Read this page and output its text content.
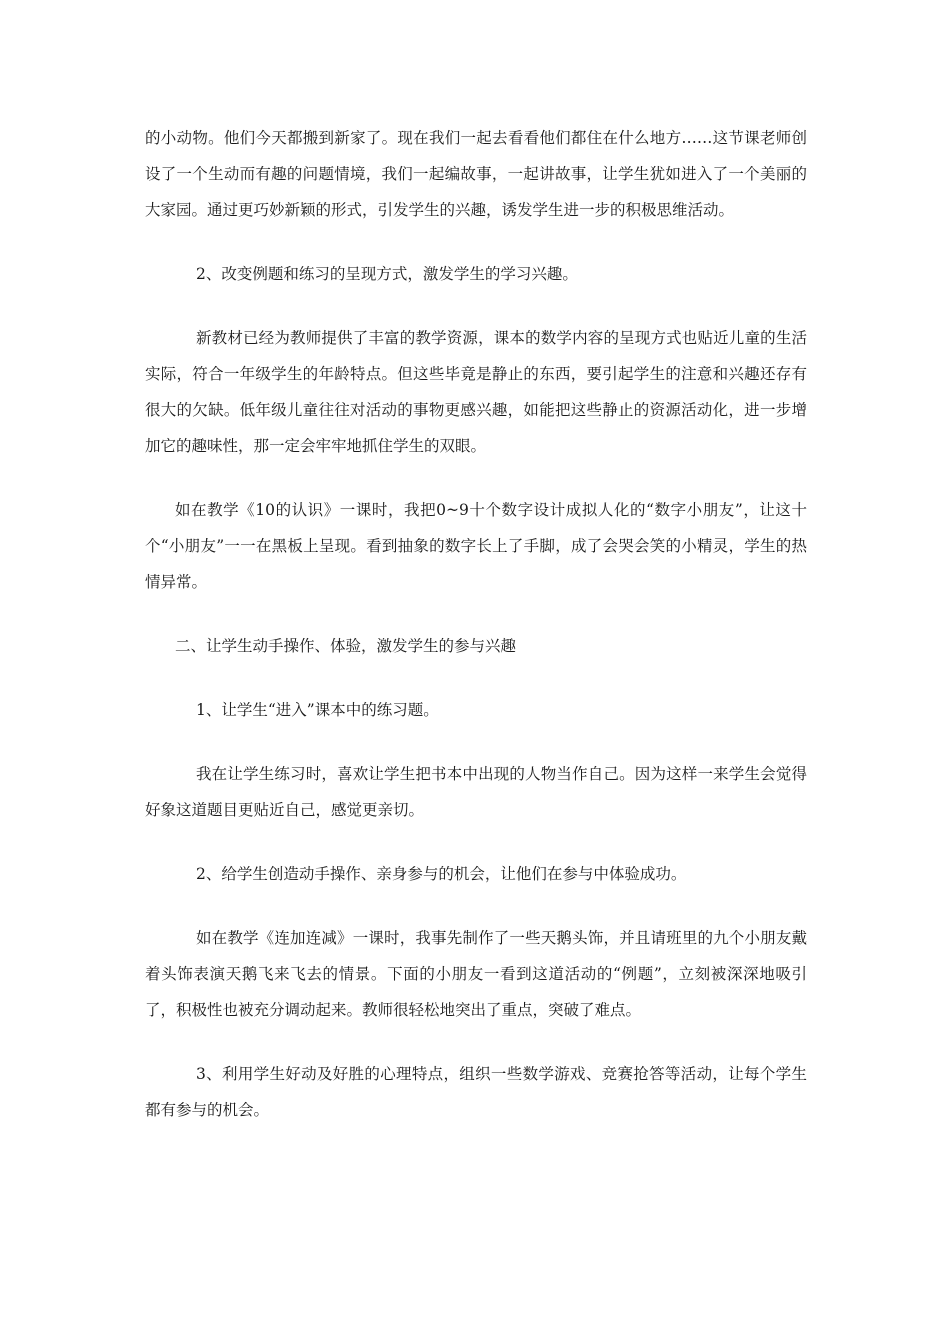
的小动物。他们今天都搬到新家了。现在我们一起去看看他们都住在什么地方……这节课老师创设了一个生动而有趣的问题情境，我们一起编故事，一起讲故事，让学生犹如进入了一个美丽的大家园。通过更巧妙新颖的形式，引发学生的兴趣，诱发学生进一步的积极思维活动。

2、改变例题和练习的呈现方式，激发学生的学习兴趣。

新教材已经为教师提供了丰富的教学资源，课本的数学内容的呈现方式也贴近儿童的生活实际，符合一年级学生的年龄特点。但这些毕竟是静止的东西，要引起学生的注意和兴趣还存有很大的欠缺。低年级儿童往往对活动的事物更感兴趣，如能把这些静止的资源活动化，进一步增加它的趣味性，那一定会牢牢地抓住学生的双眼。

如在教学《10的认识》一课时，我把0~9十个数字设计成拟人化的“数字小朋友”，让这十个“小朋友”一一在黑板上呈现。看到抽象的数字长上了手脚，成了会哭会笑的小精灵，学生的热情异常。

二、让学生动手操作、体验，激发学生的参与兴趣

1、让学生“进入”课本中的练习题。

我在让学生练习时，喜欢让学生把书本中出现的人物当作自己。因为这样一来学生会觉得好象这道题目更贴近自己，感觉更亲切。

2、给学生创造动手操作、亲身参与的机会，让他们在参与中体验成功。

如在教学《连加连减》一课时，我事先制作了一些天鹅头饰，并且请班里的九个小朋友戴着头饰表演天鹅飞来飞去的情景。下面的小朋友一看到这道活动的“例题”，立刻被深深地吸引了，积极性也被充分调动起来。教师很轻松地突出了重点，突破了难点。

3、利用学生好动及好胜的心理特点，组织一些数学游戏、竞赛抢答等活动，让每个学生都有参与的机会。
